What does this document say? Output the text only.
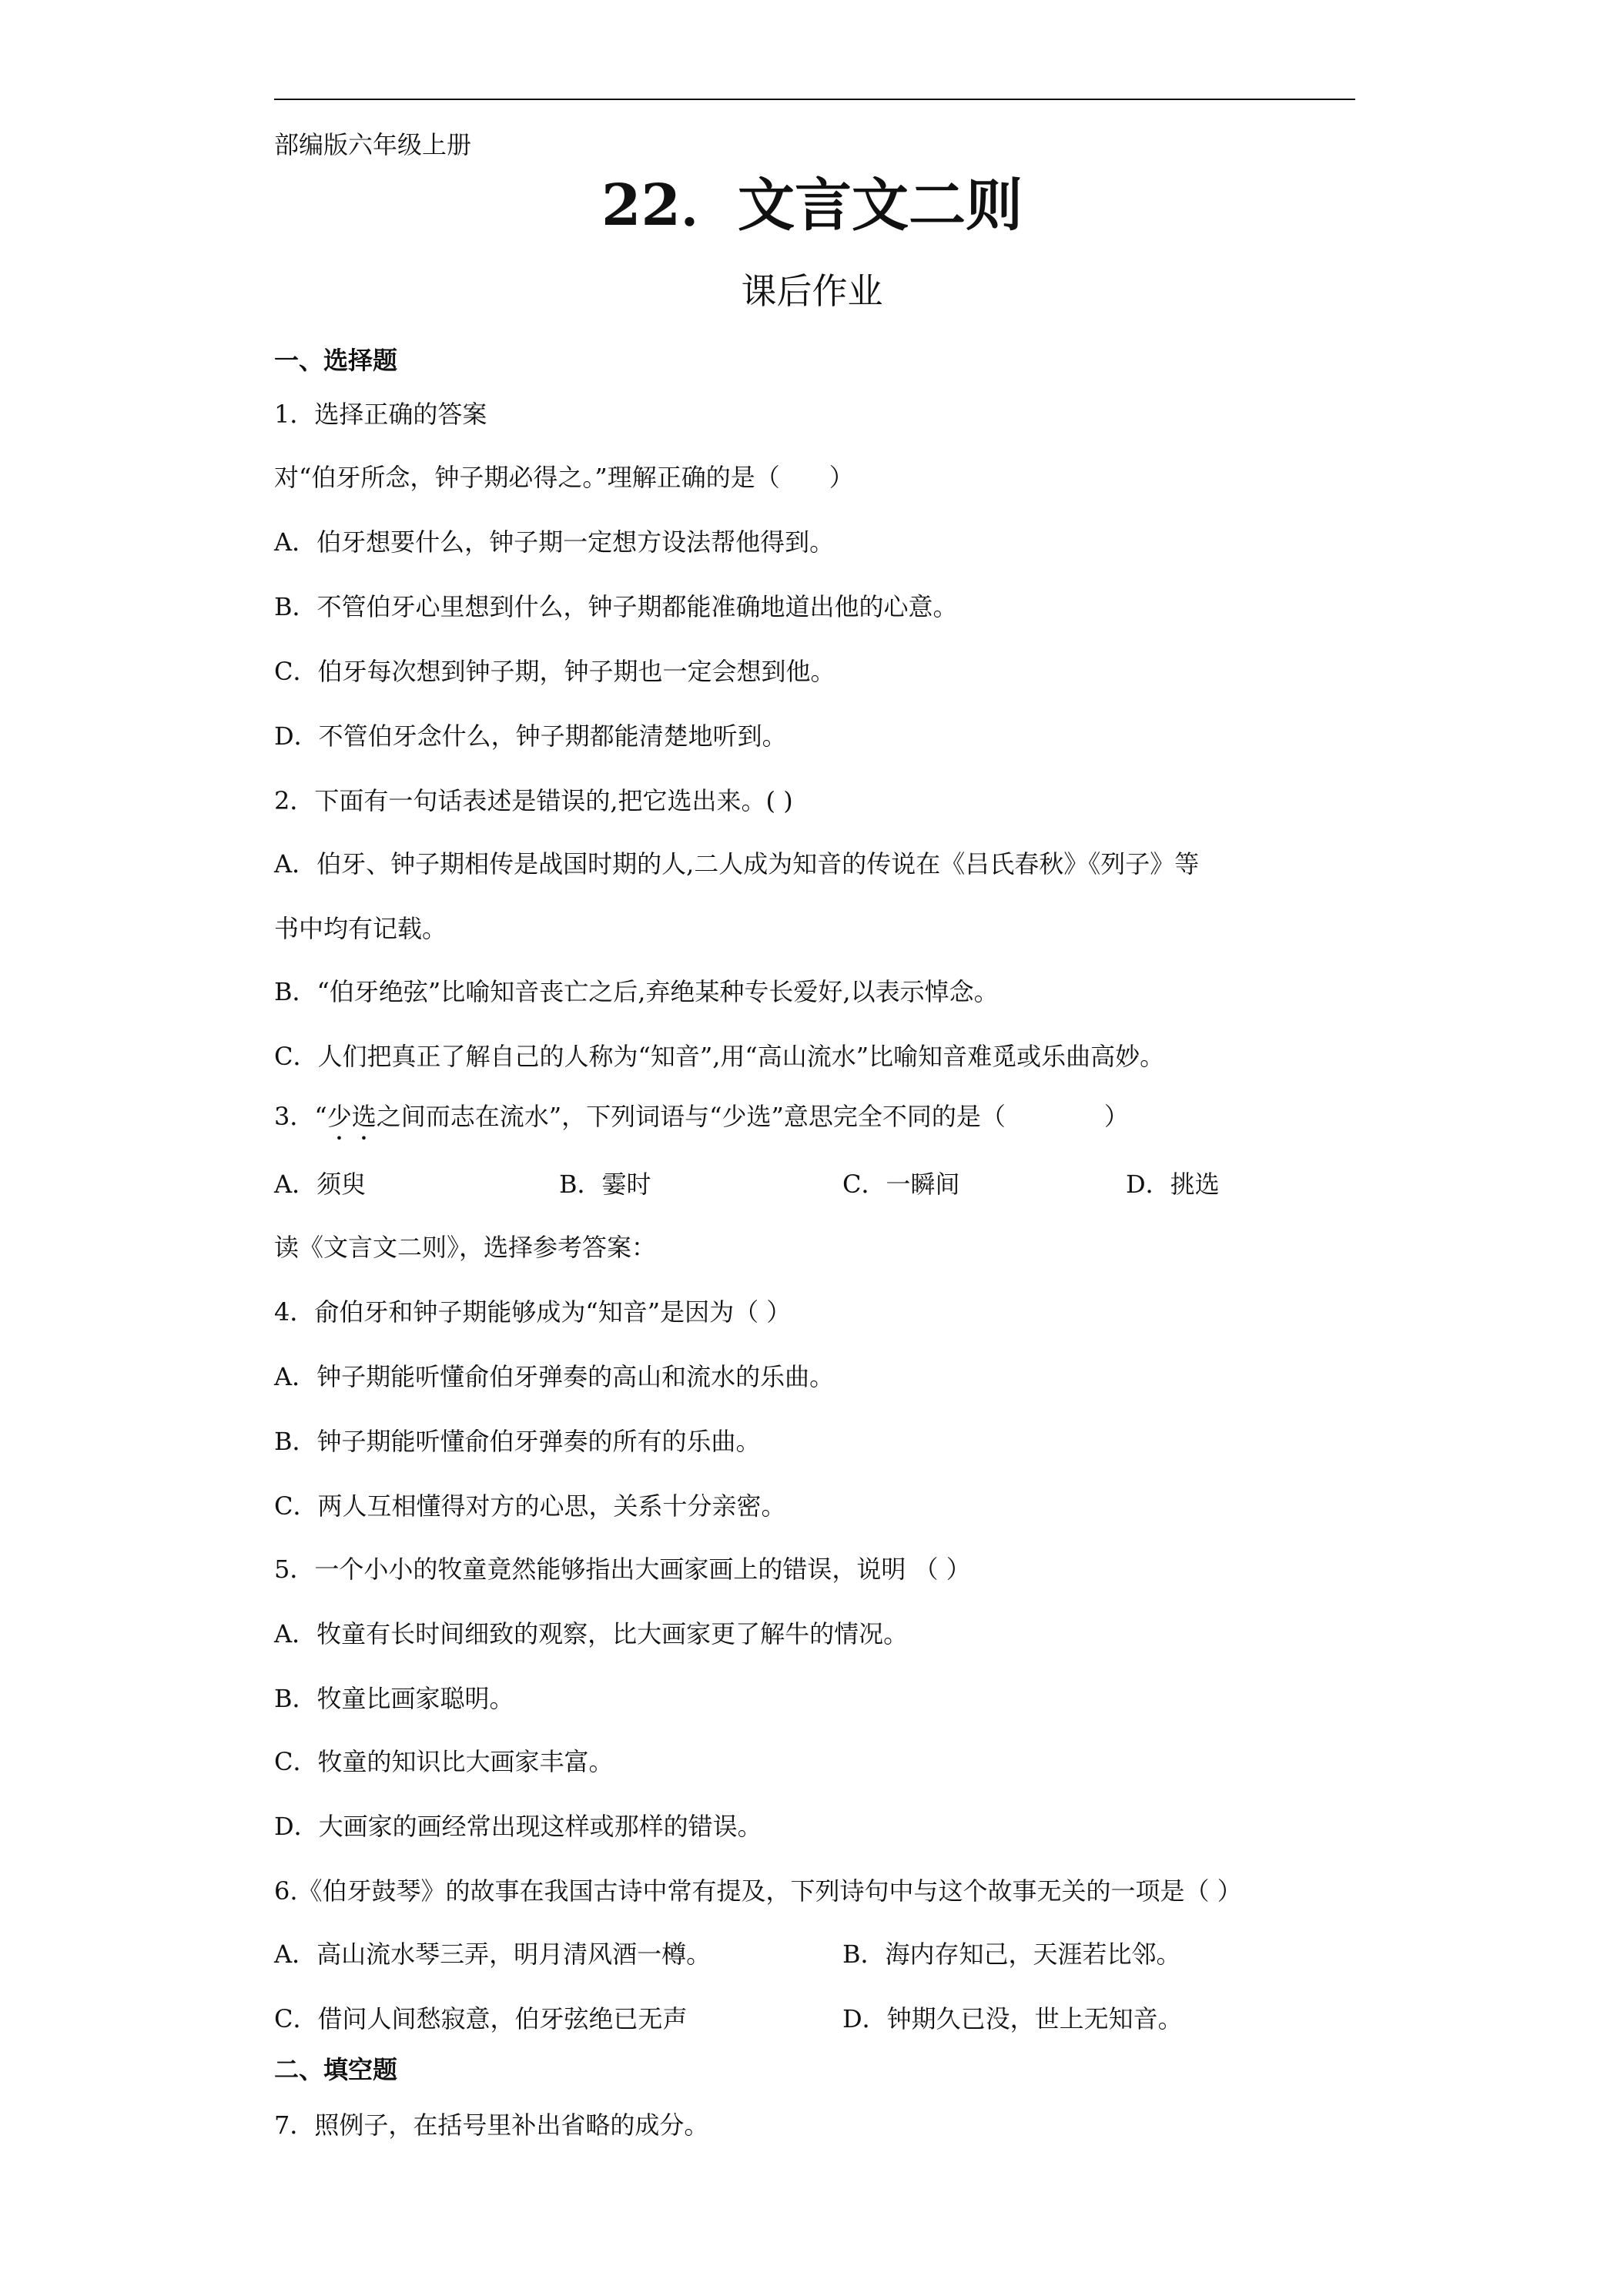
部编版六年级上册
22．文言文二则
课后作业
一、选择题
1．选择正确的答案
对“伯牙所念，钟子期必得之。”理解正确的是（　　）
A．伯牙想要什么，钟子期一定想方设法帮他得到。
B．不管伯牙心里想到什么，钟子期都能准确地道出他的心意。
C．伯牙每次想到钟子期，钟子期也一定会想到他。
D．不管伯牙念什么，钟子期都能清楚地听到。
2．下面有一句话表述是错误的,把它选出来。( )
A．伯牙、钟子期相传是战国时期的人,二人成为知音的传说在《吕氏春秋》《列子》等
书中均有记载。
B．“伯牙绝弦”比喻知音丧亡之后,弃绝某种专长爱好,以表示悼念。
C．人们把真正了解自己的人称为“知音”,用“高山流水”比喻知音难觅或乐曲高妙。
3．“少选之间而志在流水”，下列词语与“少选”意思完全不同的是（　　　　）
A．须臾	B．霎时	C．一瞬间	D．挑选
读《文言文二则》，选择参考答案：
4．俞伯牙和钟子期能够成为“知音”是因为（ ）
A．钟子期能听懂俞伯牙弹奏的高山和流水的乐曲。
B．钟子期能听懂俞伯牙弹奏的所有的乐曲。
C．两人互相懂得对方的心思，关系十分亲密。
5．一个小小的牧童竟然能够指出大画家画上的错误，说明 （ ）
A．牧童有长时间细致的观察，比大画家更了解牛的情况。
B．牧童比画家聪明。
C．牧童的知识比大画家丰富。
D．大画家的画经常出现这样或那样的错误。
6.《伯牙鼓琴》的故事在我国古诗中常有提及，下列诗句中与这个故事无关的一项是（ ）
A．高山流水琴三弄，明月清风酒一樽。	B．海内存知己，天涯若比邻。
C．借问人间愁寂意，伯牙弦绝已无声	D．钟期久已没，世上无知音。
二、填空题
7．照例子，在括号里补出省略的成分。
